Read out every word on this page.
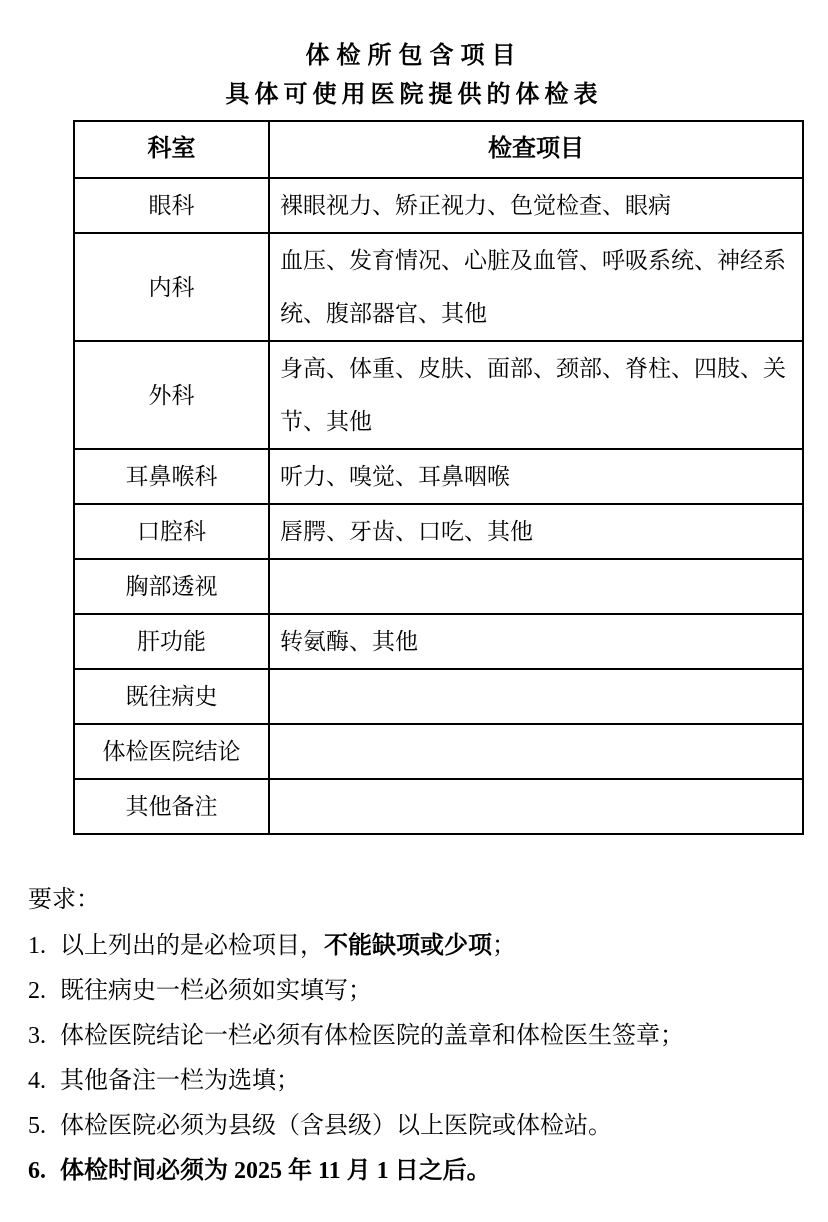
体检所包含项目
具体可使用医院提供的体检表
科室	检查项目
眼科	裸眼视力、矫正视力、色觉检查、眼病
内科	血压、发育情况、心脏及血管、呼吸系统、神经系统、腹部器官、其他
外科	身高、体重、皮肤、面部、颈部、脊柱、四肢、关节、其他
耳鼻喉科	听力、嗅觉、耳鼻咽喉
口腔科	唇腭、牙齿、口吃、其他
胸部透视	
肝功能	转氨酶、其他
既往病史	
体检医院结论	
其他备注	
要求：
1. 以上列出的是必检项目，不能缺项或少项；
2. 既往病史一栏必须如实填写；
3. 体检医院结论一栏必须有体检医院的盖章和体检医生签章；
4. 其他备注一栏为选填；
5. 体检医院必须为县级（含县级）以上医院或体检站。
6. 体检时间必须为 2025 年 11 月 1 日之后。
